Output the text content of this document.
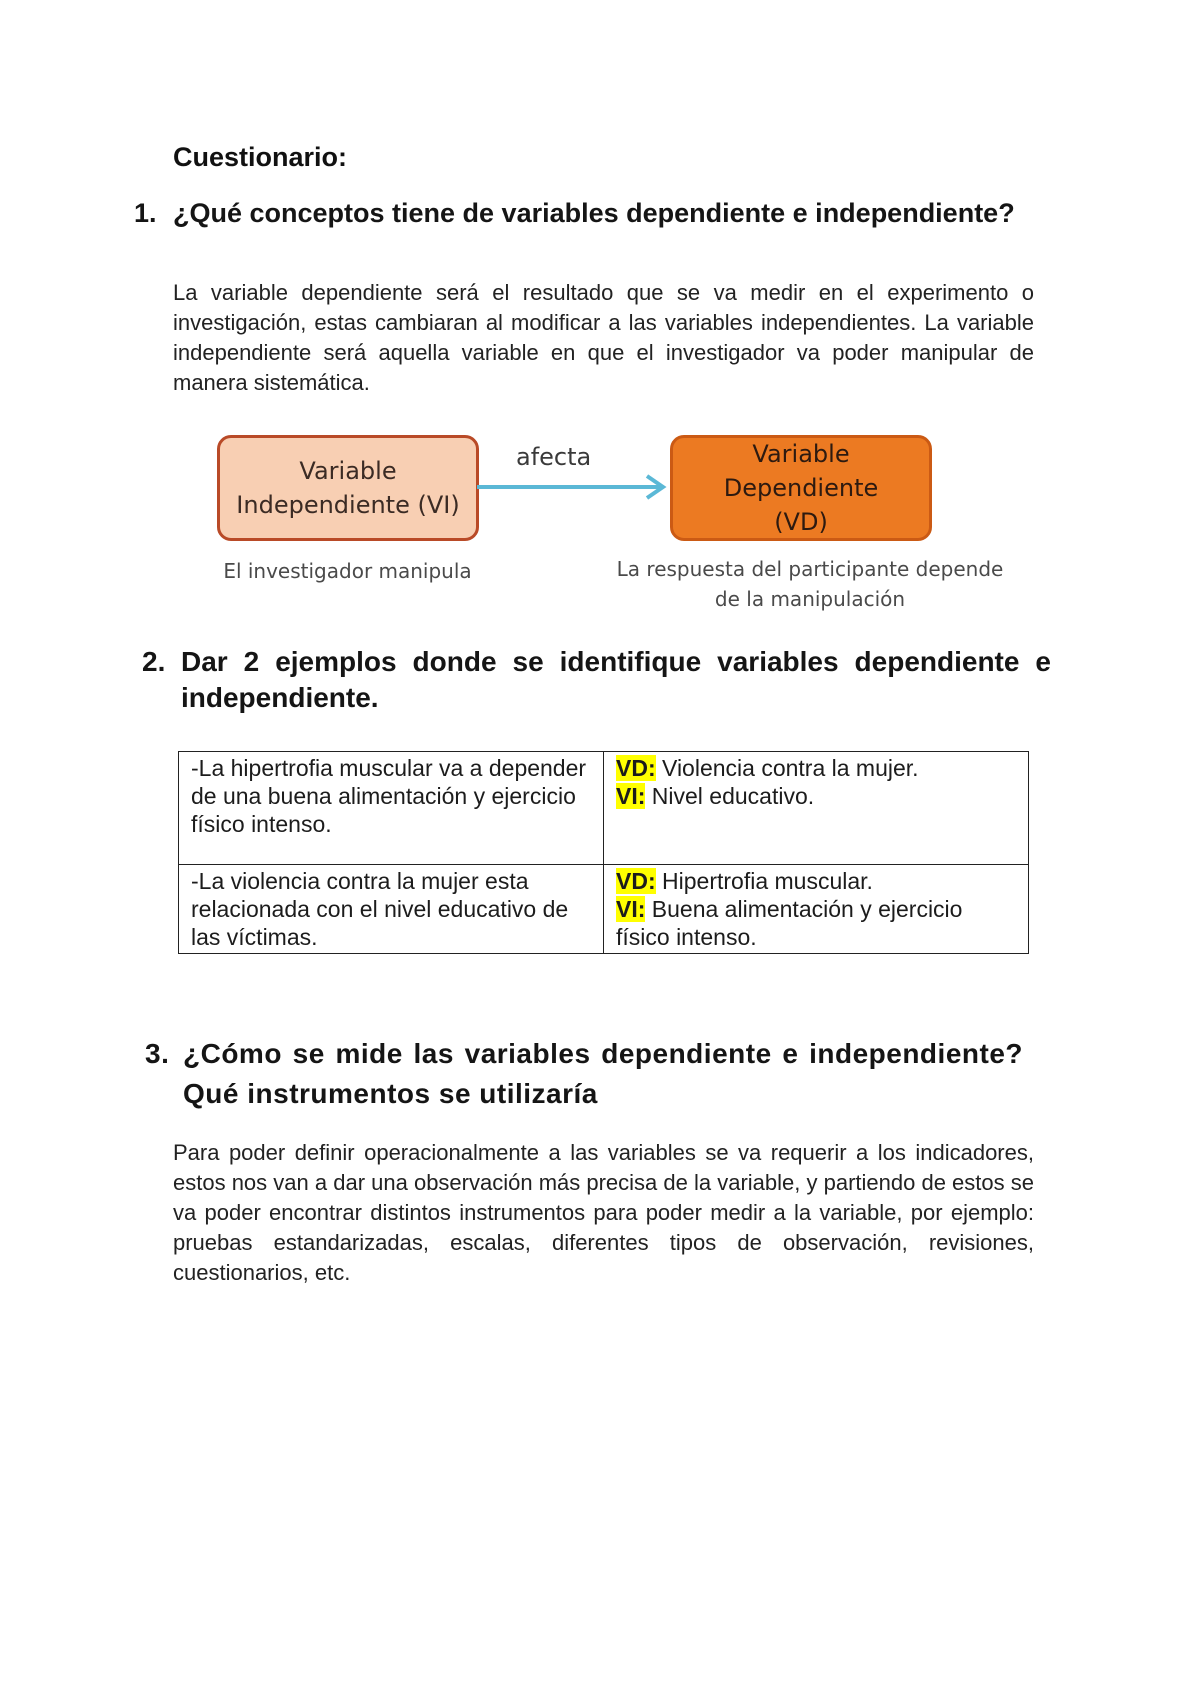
Cuestionario:
1. ¿Qué conceptos tiene de variables dependiente e independiente?
La variable dependiente será el resultado que se va medir en el experimento o investigación, estas cambiaran al modificar a las variables independientes. La variable independiente será aquella variable en que el investigador va poder manipular de manera sistemática.
Variable
Independiente (VI)
afecta	Variable Dependiente
(VD)
El investigador manipula	La respuesta del participante depende
de la manipulación
2. Dar 2 ejemplos donde se identifique variables dependiente e independiente.
-La hipertrofia muscular va a depender de una buena alimentación y ejercicio físico intenso.	VD: Violencia contra la mujer.
VI: Nivel educativo.

-La violencia contra la mujer esta relacionada con el nivel educativo de las víctimas.	VD: Hipertrofia muscular.
VI: Buena alimentación y ejercicio físico intenso.
3. ¿Cómo se mide las variables dependiente e independiente? Qué instrumentos se utilizaría
Para poder definir operacionalmente a las variables se va requerir a los indicadores, estos nos van a dar una observación más precisa de la variable, y partiendo de estos se va poder encontrar distintos instrumentos para poder medir a la variable, por ejemplo: pruebas estandarizadas, escalas, diferentes tipos de observación, revisiones, cuestionarios, etc.
